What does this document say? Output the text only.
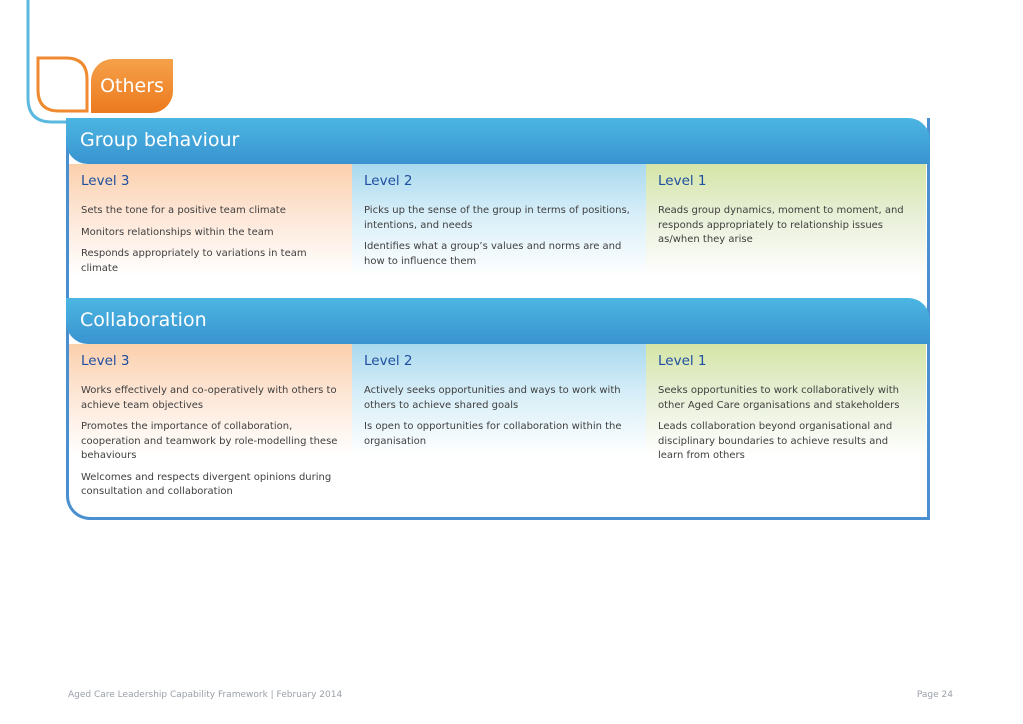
Others
Group behaviour
Level 3
Sets the tone for a positive team climate
Monitors relationships within the team
Responds appropriately to variations in team climate
Level 2
Picks up the sense of the group in terms of positions, intentions, and needs
Identifies what a group’s values and norms are and how to influence them
Level 1
Reads group dynamics, moment to moment, and responds appropriately to relationship issues as/when they arise
Collaboration
Level 3
Works effectively and co-operatively with others to achieve team objectives
Promotes the importance of collaboration, cooperation and teamwork by role-modelling these behaviours
Welcomes and respects divergent opinions during consultation and collaboration
Level 2
Actively seeks opportunities and ways to work with others to achieve shared goals
Is open to opportunities for collaboration within the organisation
Level 1
Seeks opportunities to work collaboratively with other Aged Care organisations and stakeholders
Leads collaboration beyond organisational and disciplinary boundaries to achieve results and learn from others
Aged Care Leadership Capability Framework | February 2014	Page 24
